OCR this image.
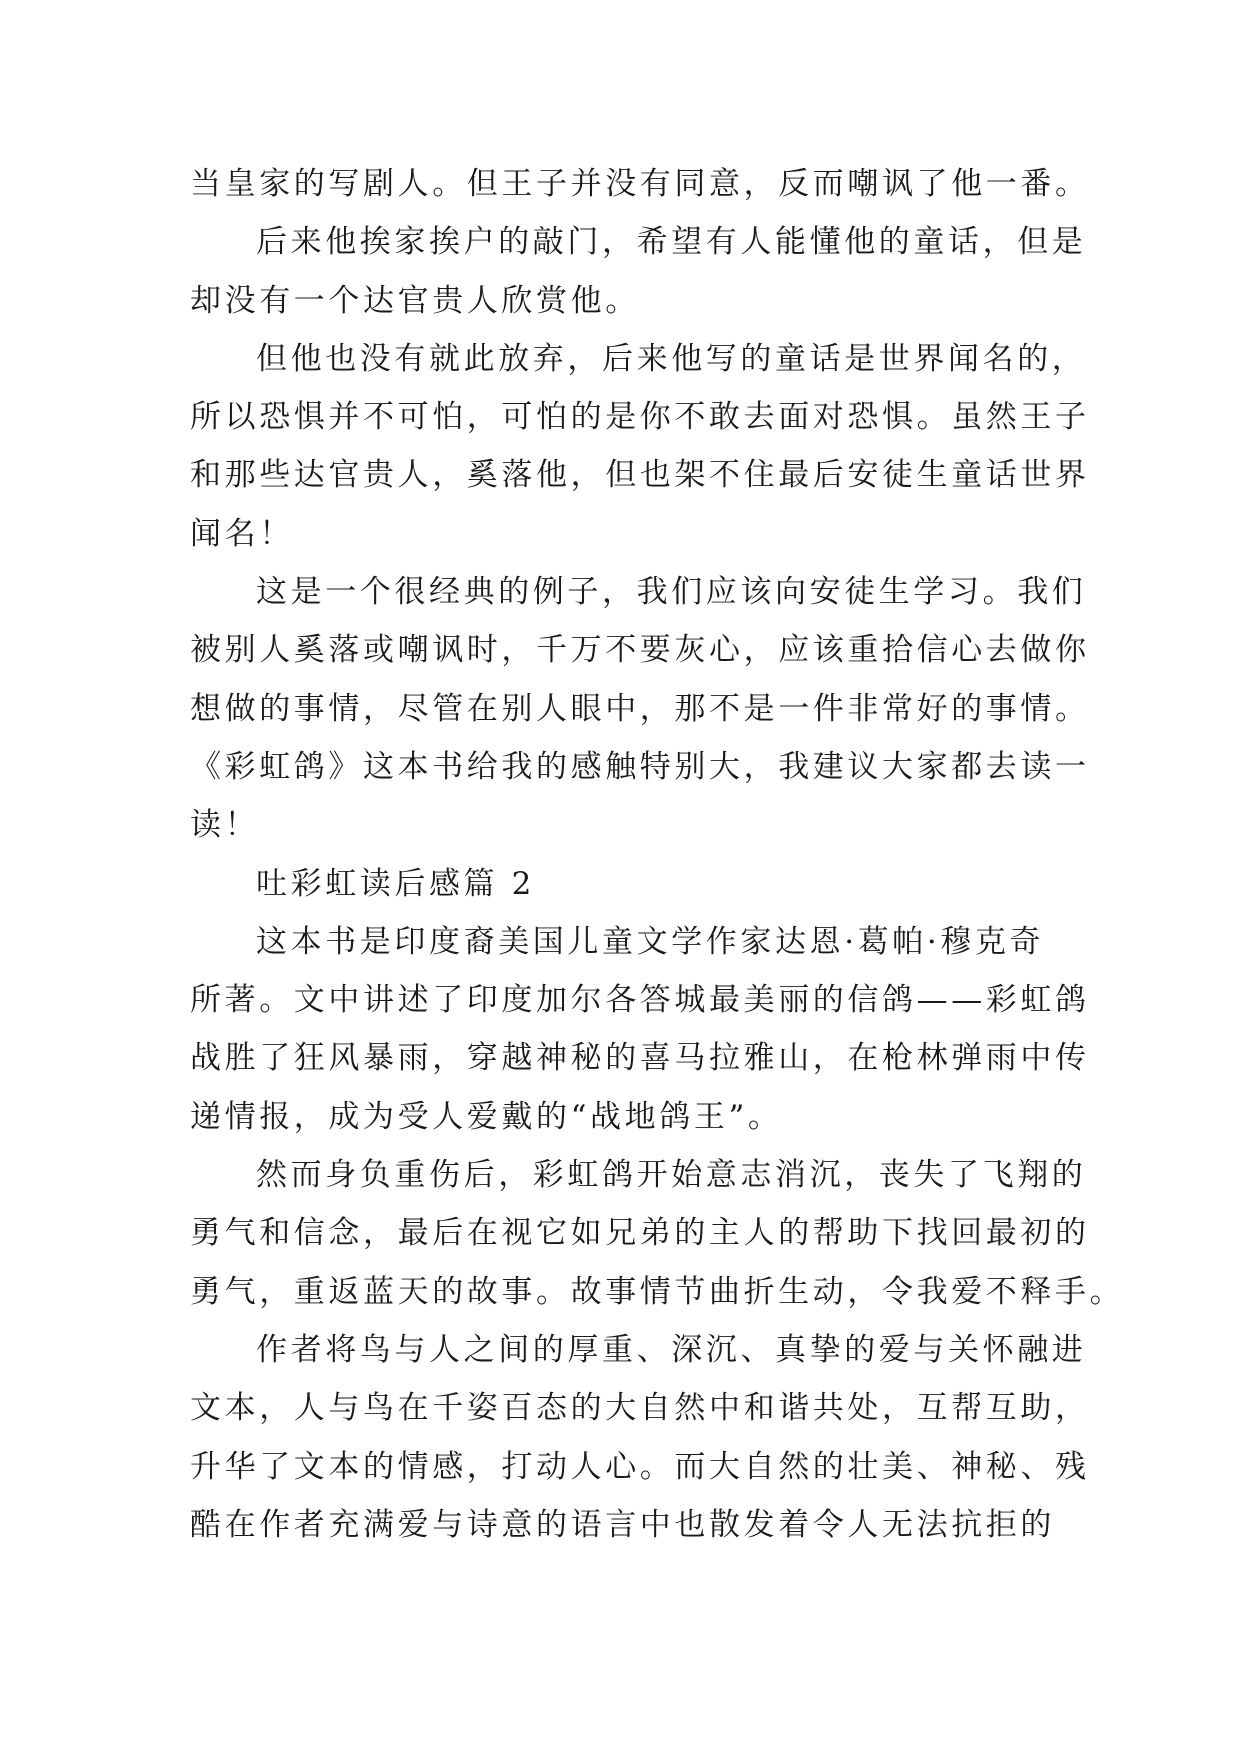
当皇家的写剧人。但王子并没有同意，反而嘲讽了他一番。
后来他挨家挨户的敲门，希望有人能懂他的童话，但是
却没有一个达官贵人欣赏他。
但他也没有就此放弃，后来他写的童话是世界闻名的，
所以恐惧并不可怕，可怕的是你不敢去面对恐惧。虽然王子
和那些达官贵人，奚落他，但也架不住最后安徒生童话世界
闻名！
这是一个很经典的例子，我们应该向安徒生学习。我们
被别人奚落或嘲讽时，千万不要灰心，应该重拾信心去做你
想做的事情，尽管在别人眼中，那不是一件非常好的事情。
《彩虹鸽》这本书给我的感触特别大，我建议大家都去读一
读！
吐彩虹读后感篇 2
这本书是印度裔美国儿童文学作家达恩·葛帕·穆克奇
所著。文中讲述了印度加尔各答城最美丽的信鸽——彩虹鸽
战胜了狂风暴雨，穿越神秘的喜马拉雅山，在枪林弹雨中传
递情报，成为受人爱戴的“战地鸽王”。
然而身负重伤后，彩虹鸽开始意志消沉，丧失了飞翔的
勇气和信念，最后在视它如兄弟的主人的帮助下找回最初的
勇气，重返蓝天的故事。故事情节曲折生动，令我爱不释手。
作者将鸟与人之间的厚重、深沉、真挚的爱与关怀融进
文本，人与鸟在千姿百态的大自然中和谐共处，互帮互助，
升华了文本的情感，打动人心。而大自然的壮美、神秘、残
酷在作者充满爱与诗意的语言中也散发着令人无法抗拒的
